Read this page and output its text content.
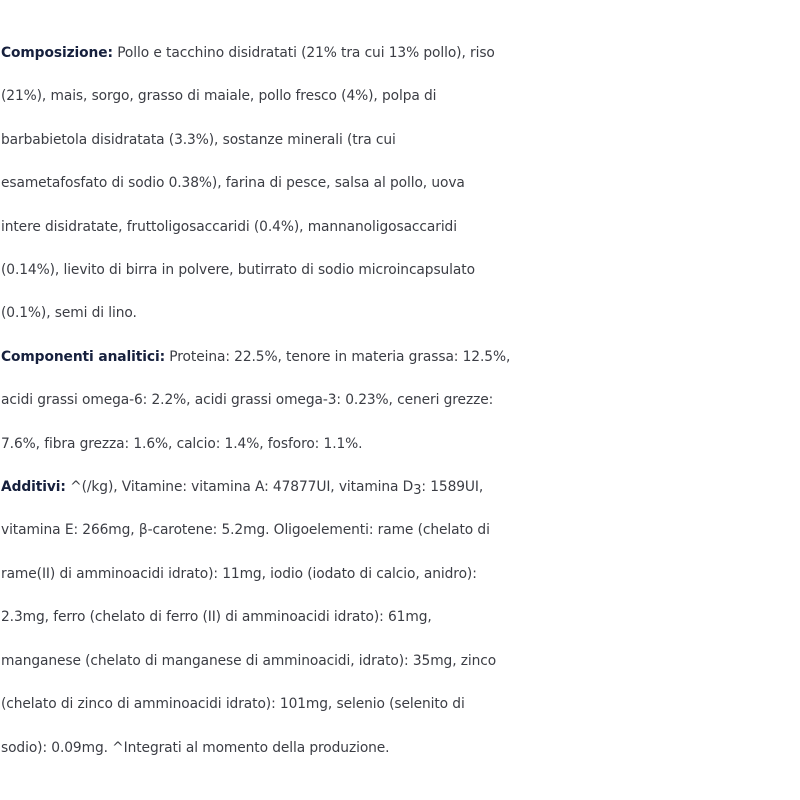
Composizione: Pollo e tacchino disidratati (21% tra cui 13% pollo), riso
(21%), mais, sorgo, grasso di maiale, pollo fresco (4%), polpa di
barbabietola disidratata (3.3%), sostanze minerali (tra cui
esametafosfato di sodio 0.38%), farina di pesce, salsa al pollo, uova
intere disidratate, fruttoligosaccaridi (0.4%), mannanoligosaccaridi
(0.14%), lievito di birra in polvere, butirrato di sodio microincapsulato
(0.1%), semi di lino.
Componenti analitici: Proteina: 22.5%, tenore in materia grassa: 12.5%,
acidi grassi omega-6: 2.2%, acidi grassi omega-3: 0.23%, ceneri grezze:
7.6%, fibra grezza: 1.6%, calcio: 1.4%, fosforo: 1.1%.
Additivi: ^(/kg), Vitamine: vitamina A: 47877UI, vitamina D3: 1589UI,
vitamina E: 266mg, β-carotene: 5.2mg. Oligoelementi: rame (chelato di
rame(II) di amminoacidi idrato): 11mg, iodio (iodato di calcio, anidro):
2.3mg, ferro (chelato di ferro (II) di amminoacidi idrato): 61mg,
manganese (chelato di manganese di amminoacidi, idrato): 35mg, zinco
(chelato di zinco di amminoacidi idrato): 101mg, selenio (selenito di
sodio): 0.09mg. ^Integrati al momento della produzione.
